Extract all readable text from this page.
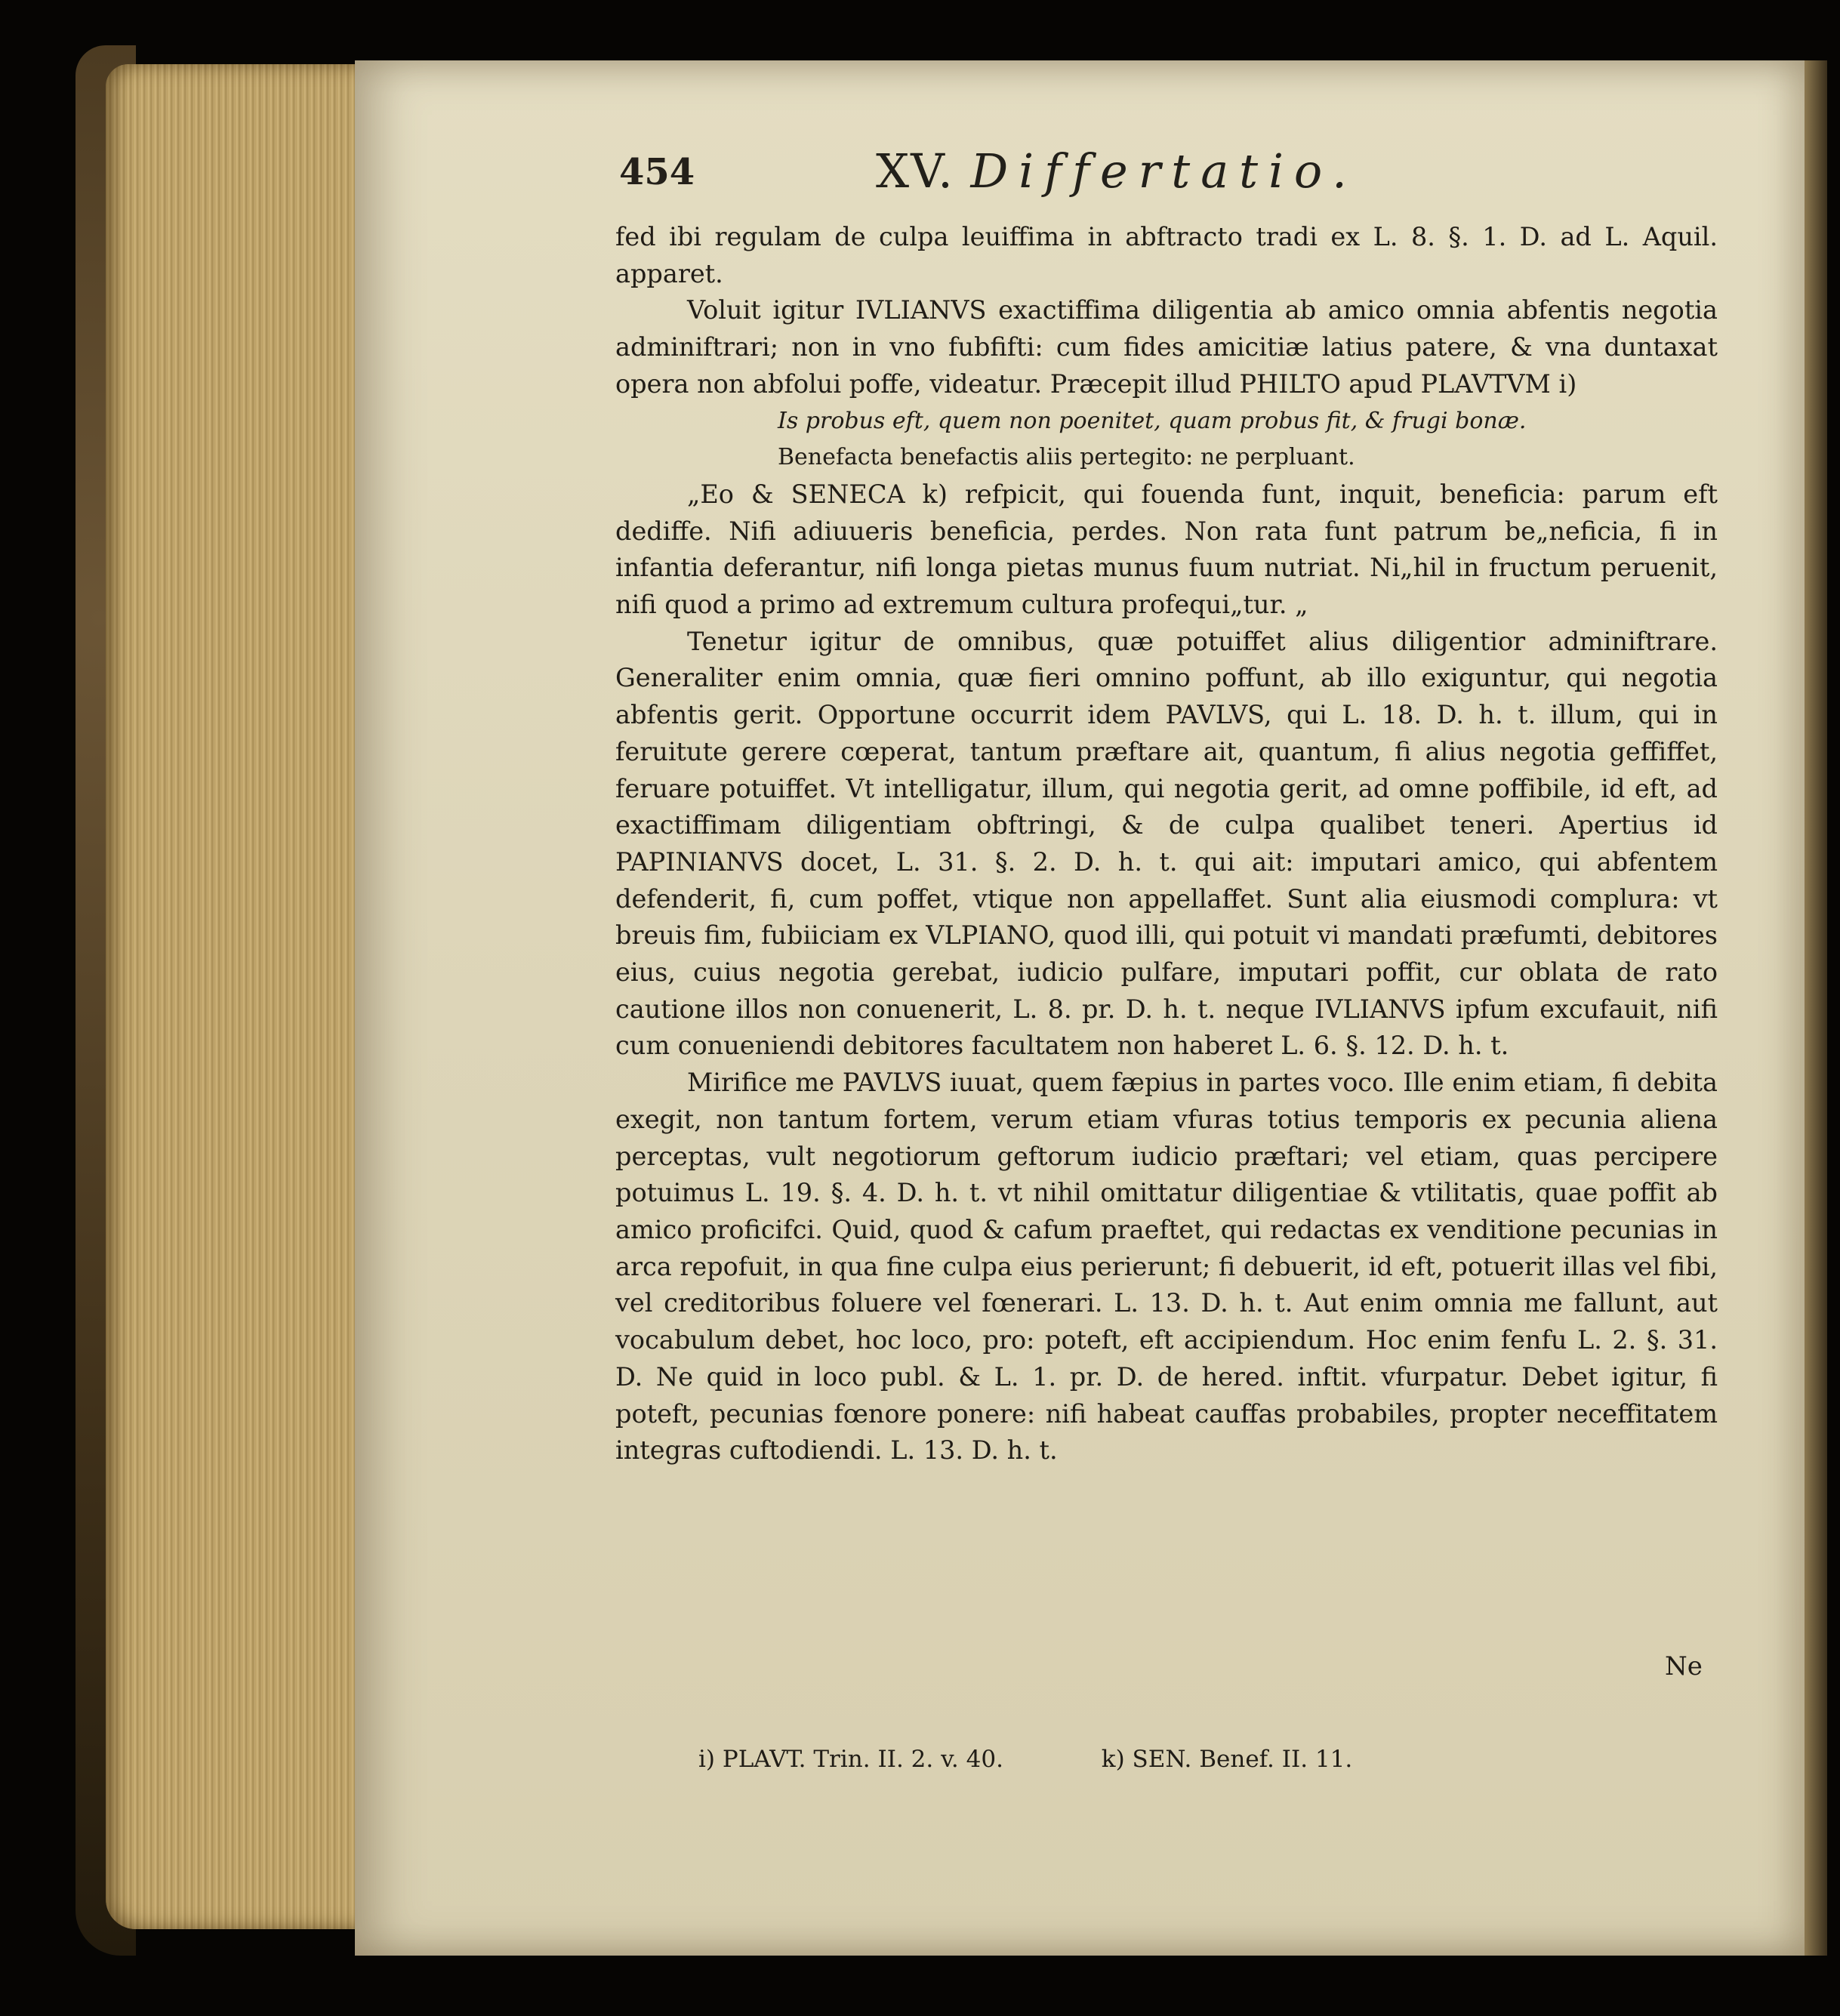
454	XV. Differtatio.

fed ibi regulam de culpa leuiffima in abftracto tradi ex L. 8. §. 1. D. ad L. Aquil. apparet.

Voluit igitur IVLIANVS exactiffima diligentia ab amico omnia abfentis negotia adminiftrari; non in vno fubfifti: cum fides amicitiæ latius patere, & vna duntaxat opera non abfolui poffe, videatur. Præcepit illud PHILTO apud PLAVTVM i)

Is probus eft, quem non poenitet, quam probus fit, & frugi bonæ.

Benefacta benefactis aliis pertegito: ne perpluant.

„Eo & SENECA k) refpicit, qui fouenda funt, inquit, beneficia: parum eft dediffe. Nifi adiuueris beneficia, perdes. Non rata funt patrum be„neficia, fi in infantia deferantur, nifi longa pietas munus fuum nutriat. Ni„hil in fructum peruenit, nifi quod a primo ad extremum cultura profequi„tur. „

Tenetur igitur de omnibus, quæ potuiffet alius diligentior adminiftrare. Generaliter enim omnia, quæ fieri omnino poffunt, ab illo exiguntur, qui negotia abfentis gerit. Opportune occurrit idem PAVLVS, qui L. 18. D. h. t. illum, qui in feruitute gerere cœperat, tantum præftare ait, quantum, fi alius negotia geffiffet, feruare potuiffet. Vt intelligatur, illum, qui negotia gerit, ad omne poffibile, id eft, ad exactiffimam diligentiam obftringi, & de culpa qualibet teneri. Apertius id PAPINIANVS docet, L. 31. §. 2. D. h. t. qui ait: imputari amico, qui abfentem defenderit, fi, cum poffet, vtique non appellaffet. Sunt alia eiusmodi complura: vt breuis fim, fubiiciam ex VLPIANO, quod illi, qui potuit vi mandati præfumti, debitores eius, cuius negotia gerebat, iudicio pulfare, imputari poffit, cur oblata de rato cautione illos non conuenerit, L. 8. pr. D. h. t. neque IVLIANVS ipfum excufauit, nifi cum conueniendi debitores facultatem non haberet L. 6. §. 12. D. h. t.

Mirifice me PAVLVS iuuat, quem fæpius in partes voco. Ille enim etiam, fi debita exegit, non tantum fortem, verum etiam vfuras totius temporis ex pecunia aliena perceptas, vult negotiorum geftorum iudicio præftari; vel etiam, quas percipere potuimus L. 19. §. 4. D. h. t. vt nihil omittatur diligentiae & vtilitatis, quae poffit ab amico proficifci. Quid, quod & cafum praeftet, qui redactas ex venditione pecunias in arca repofuit, in qua fine culpa eius perierunt; fi debuerit, id eft, potuerit illas vel fibi, vel creditoribus foluere vel fœnerari. L. 13. D. h. t. Aut enim omnia me fallunt, aut vocabulum debet, hoc loco, pro: poteft, eft accipiendum. Hoc enim fenfu L. 2. §. 31. D. Ne quid in loco publ. & L. 1. pr. D. de hered. inftit. vfurpatur. Debet igitur, fi poteft, pecunias fœnore ponere: nifi habeat cauffas probabiles, propter neceffitatem integras cuftodiendi. L. 13. D. h. t.

Ne
i) PLAVT. Trin. II. 2. v. 40.	k) SEN. Benef. II. 11.
